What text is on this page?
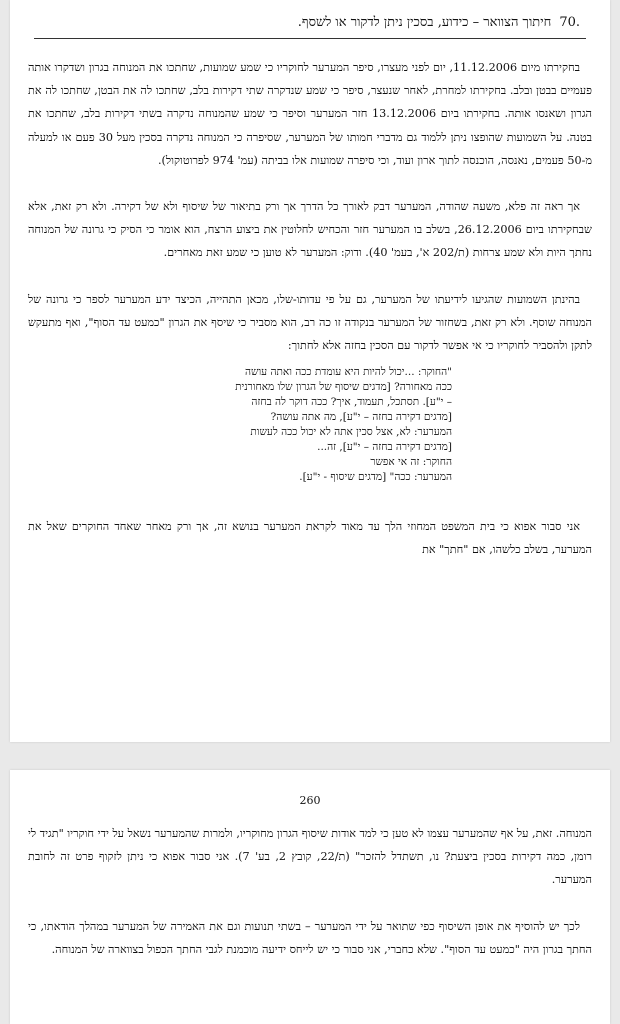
.70
חיתוך הצוואר – כידוע, בסכין ניתן לדקור או לשסף.

בחקירתו מיום 11.12.2006, יום לפני מעצרו, סיפר המערער לחוקריו כי שמע שמועות, שחתכו את המנוחה בגרון ושדקרו אותה פעמיים בבטן ובלב. בחקירתו למחרת, לאחר שנעצר, סיפר כי שמע שנדקרה שתי דקירות בלב, שחתכו לה את הבטן, שחתכו לה את הגרון ושאנסו אותה. בחקירתו ביום 13.12.2006 חזר המערער וסיפר כי שמע שהמנוחה נדקרה בשתי דקירות בלב, שחתכו את בטנה. על השמועות שהופצו ניתן ללמוד גם מדברי חמותו של המערער, שסיפרה כי המנוחה נדקרה בסכין מעל 30 פעם או למעלה מ-50 פעמים, נאנסה, הוכנסה לתוך ארון ועוד, וכי סיפרה שמועות אלו בביתה (עמ' 974 לפרוטוקול).

אך ראה זה פלא, משעה שהודה, המערער דבק לאורך כל הדרך אך ורק בתיאור של שיסוף ולא של דקירה. ולא רק זאת, אלא שבחקירתו ביום 26.12.2006, בשלב בו המערער חזר והכחיש לחלוטין את ביצוע הרצח, הוא אומר כי הסיק כי גרונה של המנוחה נחתך היות ולא שמע צרחות (ת/202 א', בעמ' 40). ודוק: המערער לא טוען כי שמע זאת מאחרים.

בהינתן השמועות שהגיעו לידיעתו של המערער, גם על פי עדותו-שלו, מכאן התהייה, הכיצד ידע המערער לספר כי גרונה של המנוחה שוסף. ולא רק זאת, בשחזור של המערער בנקודה זו כה רב, הוא מסביר כי שיסף את הגרון "כמעט עד הסוף", ואף מתעקש לתקן ולהסביר לחוקריו כי אי אפשר לדקור עם הסכין בחזה אלא לחתוך:

"החוקר: ...יכול להיות היא עומדת ככה ואתה עושה
ככה מאחורה? [מדגים שיסוף של הגרון שלו מאחורנית
– י"ע]. תסתכל, תעמוד, איך? ככה דוקר לה בחזה
[מדגים דקירה בחזה – י"ע], מה אתה עושה?
המערער: לא, אצל סכין אתה לא יכול ככה לעשות
[מדגים דקירה בחזה – י"ע], זה...
החוקר: זה אי אפשר
המערער: ככה" [מדגים שיסוף - י"ע].

אני סבור אפוא כי בית המשפט המחוזי הלך עד מאוד לקראת המערער בנושא זה, אך ורק מאחר שאחד החוקרים שאל את המערער, בשלב כלשהו, אם "חתך" את

260

המנוחה. זאת, על אף שהמערער עצמו לא טען כי למד אודות שיסוף הגרון מחוקריו, ולמרות שהמערער נשאל על ידי חוקריו "תגיד לי רומן, כמה דקירות בסכין ביצעת? נו, תשתדל להזכר" (ת/22, קובץ 2, בע' 7). אני סבור אפוא כי ניתן לזקוף פרט זה לחובת המערער.

לכך יש להוסיף את אופן השיסוף כפי שתואר על ידי המערער – בשתי תנועות וגם את האמירה של המערער במהלך הודאתו, כי החתך בגרון היה "כמעט עד הסוף". שלא כחברי, אני סבור כי יש לייחס ידיעה מוכמנת לגבי החתך הכפול בצווארה של המנוחה.
